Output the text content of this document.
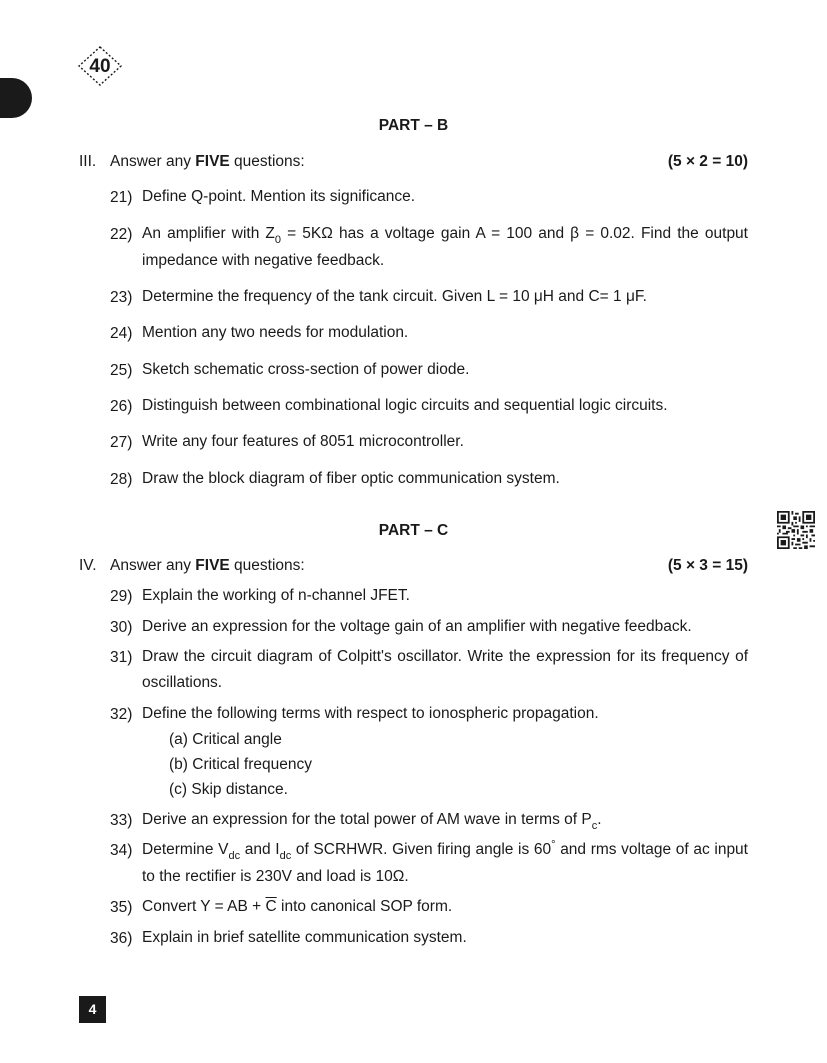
40
PART – B
III. Answer any FIVE questions:	(5 × 2 = 10)
21) Define Q-point. Mention its significance.
22) An amplifier with $Z_0 = 5K\Omega$ has a voltage gain A = 100 and β = 0.02. Find the output impedance with negative feedback.
23) Determine the frequency of the tank circuit. Given L = 10 μH and C= 1 μF.
24) Mention any two needs for modulation.
25) Sketch schematic cross-section of power diode.
26) Distinguish between combinational logic circuits and sequential logic circuits.
27) Write any four features of 8051 microcontroller.
28) Draw the block diagram of fiber optic communication system.
PART – C
IV. Answer any FIVE questions:	(5 × 3 = 15)
29) Explain the working of n-channel JFET.
30) Derive an expression for the voltage gain of an amplifier with negative feedback.
31) Draw the circuit diagram of Colpitt's oscillator. Write the expression for its frequency of oscillations.
32) Define the following terms with respect to ionospheric propagation.
(a) Critical angle
(b) Critical frequency
(c) Skip distance.
33) Derive an expression for the total power of AM wave in terms of $P_c$.
34) Determine $V_{dc}$ and $I_{dc}$ of SCRHWR. Given firing angle is 60° and rms voltage of ac input to the rectifier is 230V and load is 10Ω.
35) Convert Y = AB + $\overline{C}$ into canonical SOP form.
36) Explain in brief satellite communication system.
4
